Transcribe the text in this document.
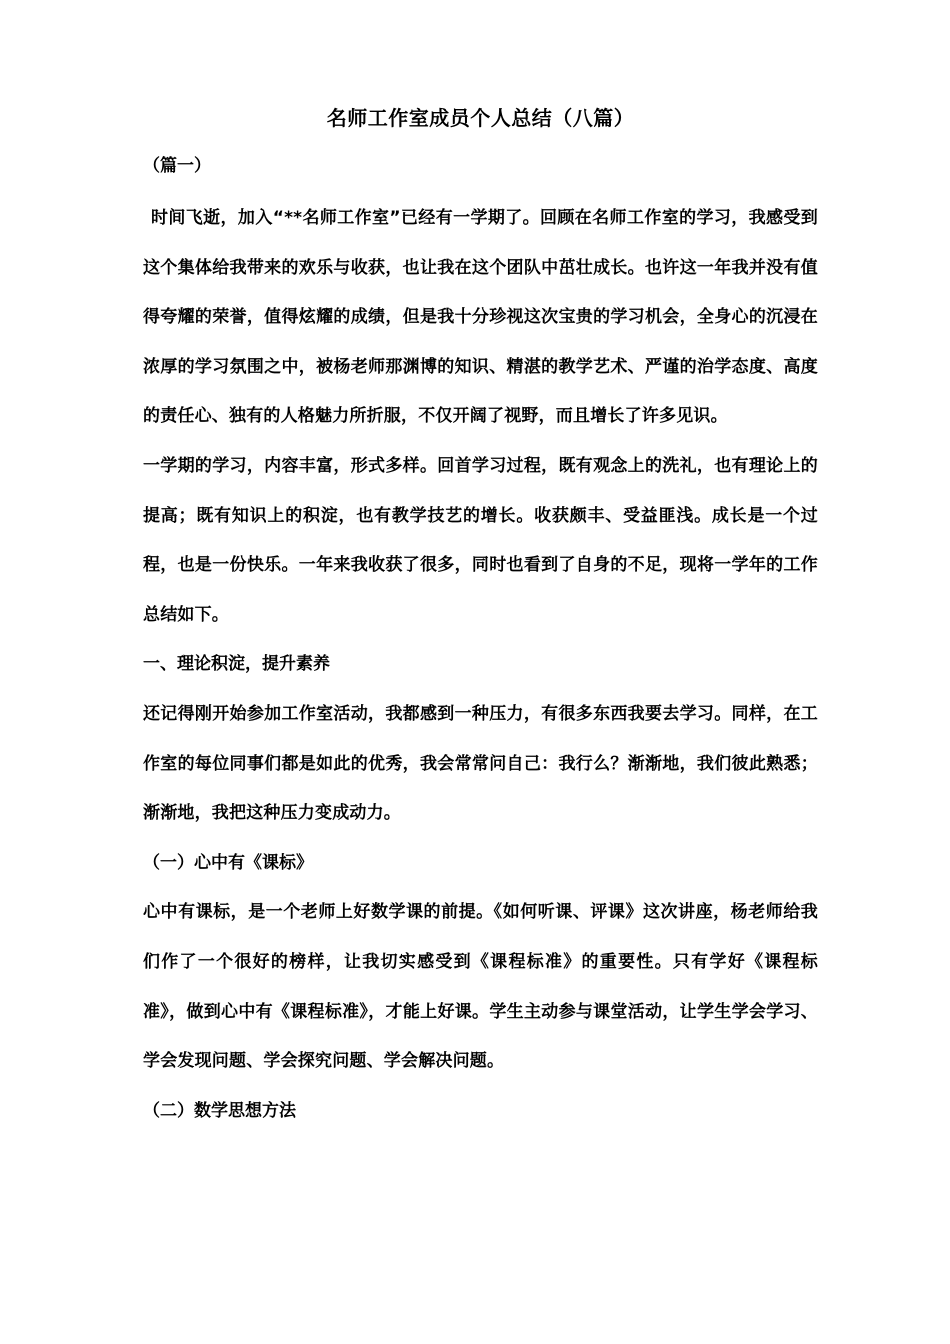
名师工作室成员个人总结（八篇）
（篇一）

时间飞逝，加入“**名师工作室”已经有一学期了。回顾在名师工作室的学习，我感受到这个集体给我带来的欢乐与收获，也让我在这个团队中茁壮成长。也许这一年我并没有值得夸耀的荣誉，值得炫耀的成绩，但是我十分珍视这次宝贵的学习机会，全身心的沉浸在浓厚的学习氛围之中，被杨老师那渊博的知识、精湛的教学艺术、严谨的治学态度、高度的责任心、独有的人格魅力所折服，不仅开阔了视野，而且增长了许多见识。

一学期的学习，内容丰富，形式多样。回首学习过程，既有观念上的洗礼，也有理论上的提高；既有知识上的积淀，也有教学技艺的增长。收获颇丰、受益匪浅。成长是一个过程，也是一份快乐。一年来我收获了很多，同时也看到了自身的不足，现将一学年的工作总结如下。

一、理论积淀，提升素养

还记得刚开始参加工作室活动，我都感到一种压力，有很多东西我要去学习。同样，在工作室的每位同事们都是如此的优秀，我会常常问自己：我行么？渐渐地，我们彼此熟悉；渐渐地，我把这种压力变成动力。

（一）心中有《课标》

心中有课标，是一个老师上好数学课的前提。《如何听课、评课》这次讲座，杨老师给我们作了一个很好的榜样，让我切实感受到《课程标准》的重要性。只有学好《课程标准》，做到心中有《课程标准》，才能上好课。学生主动参与课堂活动，让学生学会学习、学会发现问题、学会探究问题、学会解决问题。

（二）数学思想方法
